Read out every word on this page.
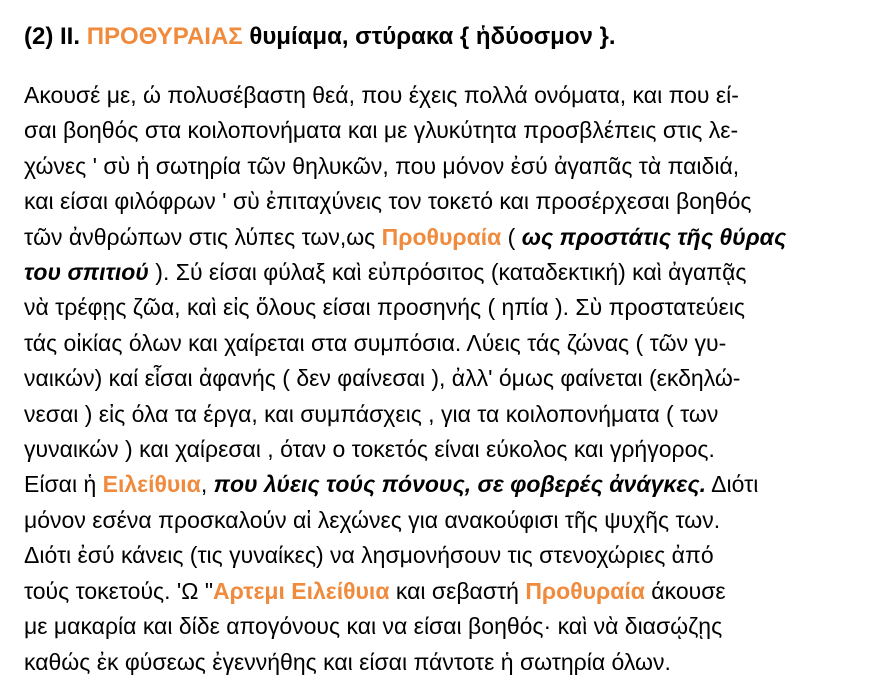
(2) II. ΠΡΟΘΥΡΑΙΑΣ θυμίαμα, στύρακα { ἡδύοσμον }.
Ακουσέ με, ώ πολυσέβαστη θεά, που έχεις πολλά ονόματα, και που εί-
σαι βοηθός στα κοιλοπονήματα και με γλυκύτητα προσβλέπεις στις λε-
χώνες ' σὺ ἡ σωτηρία τῶν θηλυκῶν, που μόνον ἐσύ ἀγαπᾶς τὰ παιδιά,
και είσαι φιλόφρων ' σὺ ἐπιταχύνεις τον τοκετό και προσέρχεσαι βοηθός
τῶν ἀνθρώπων στις λύπες των,ως Προθυραία ( ως προστάτις τῆς θύρας
του σπιτιού ). Σύ είσαι φύλαξ καὶ εὐπρόσιτος (καταδεκτική) καὶ ἀγαπᾷς
νὰ τρέφῃς ζῶα, καὶ εἰς ὅλους είσαι προσηνής ( ηπία ). Σὺ προστατεύεις
τάς οἰκίας όλων και χαίρεται στα συμπόσια. Λύεις τάς ζώνας ( τῶν γυ-
ναικών) καί εἶσαι ἀφανής ( δεν φαίνεσαι ), ἀλλ' όμως φαίνεται (εκδηλώ-
νεσαι ) εἰς όλα τα έργα, και συμπάσχεις , για τα κοιλοπονήματα ( των
γυναικών ) και χαίρεσαι , όταν ο τοκετός είναι εύκολος και γρήγορος.
Είσαι ἡ Ειλείθυια, που λύεις τούς πόνους, σε φοβερές ἀνάγκες. Διότι
μόνον εσένα προσκαλούν αἱ λεχώνες για ανακούφισι τῆς ψυχῆς των.
Διότι ἐσύ κάνεις (τις γυναίκες) να λησμονήσουν τις στενοχώριες ἀπό
τούς τοκετούς. 'Ω "Αρτεμι Ειλείθυια και σεβαστή Προθυραία άκουσε
με μακαρία και δίδε απογόνους και να είσαι βοηθός· καὶ νὰ διασῴζῃς
καθώς ἐκ φύσεως ἐγεννήθης και είσαι πάντοτε ἡ σωτηρία όλων.
